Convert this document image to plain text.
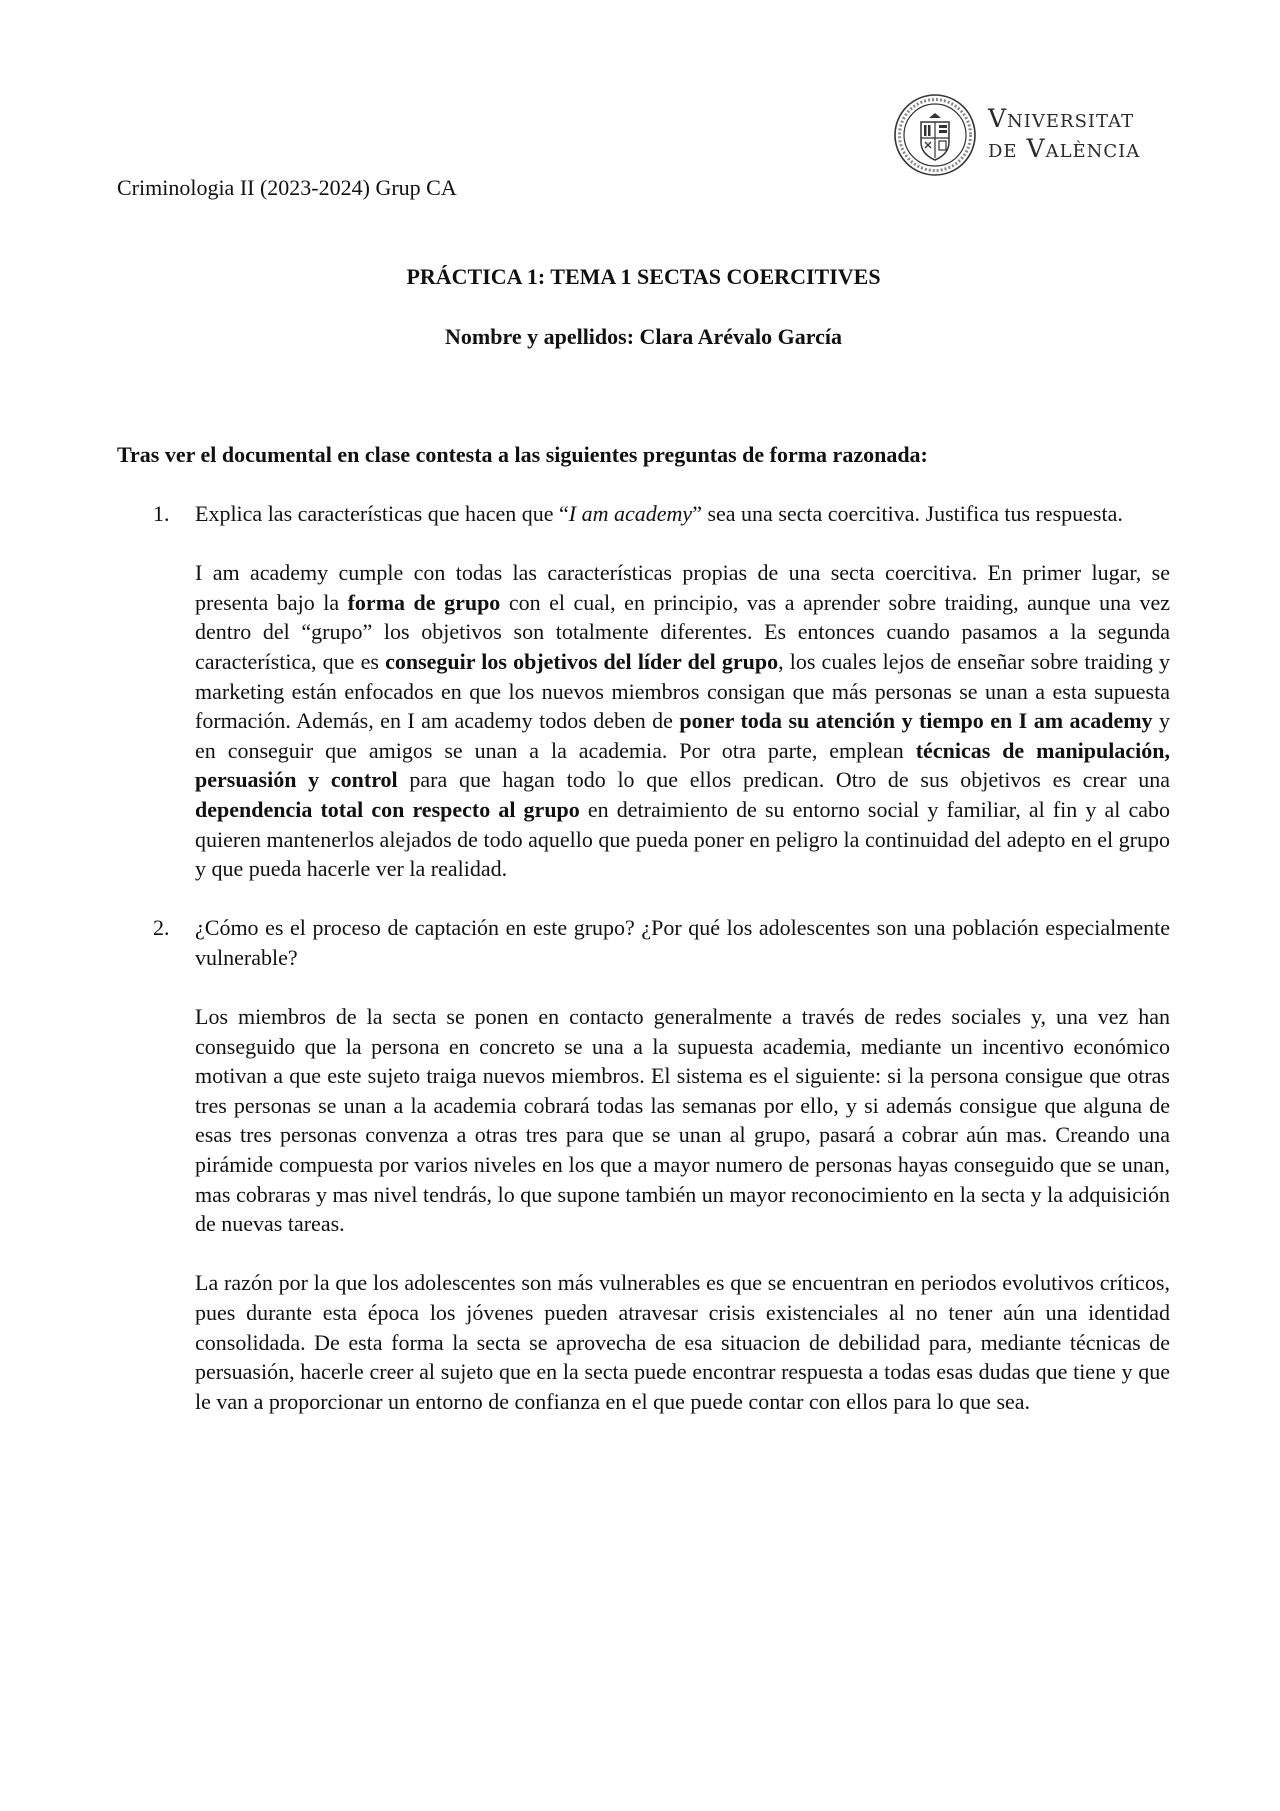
Vniversitat
de València
Criminologia II (2023-2024) Grup CA
PRÁCTICA 1: TEMA 1 SECTAS COERCITIVES
Nombre y apellidos: Clara Arévalo García
Tras ver el documental en clase contesta a las siguientes preguntas de forma razonada:
1. Explica las características que hacen que “I am academy” sea una secta coercitiva. Justifica tus respuesta.

I am academy cumple con todas las características propias de una secta coercitiva. En primer lugar, se presenta bajo la forma de grupo con el cual, en principio, vas a aprender sobre traiding, aunque una vez dentro del “grupo” los objetivos son totalmente diferentes. Es entonces cuando pasamos a la segunda característica, que es conseguir los objetivos del líder del grupo, los cuales lejos de enseñar sobre traiding y marketing están enfocados en que los nuevos miembros consigan que más personas se unan a esta supuesta formación. Además, en I am academy todos deben de poner toda su atención y tiempo en I am academy y en conseguir que amigos se unan a la academia. Por otra parte, emplean técnicas de manipulación, persuasión y control para que hagan todo lo que ellos predican. Otro de sus objetivos es crear una dependencia total con respecto al grupo en detraimiento de su entorno social y familiar, al fin y al cabo quieren mantenerlos alejados de todo aquello que pueda poner en peligro la continuidad del adepto en el grupo y que pueda hacerle ver la realidad.

2. ¿Cómo es el proceso de captación en este grupo? ¿Por qué los adolescentes son una población especialmente vulnerable?

Los miembros de la secta se ponen en contacto generalmente a través de redes sociales y, una vez han conseguido que la persona en concreto se una a la supuesta academia, mediante un incentivo económico motivan a que este sujeto traiga nuevos miembros. El sistema es el siguiente: si la persona consigue que otras tres personas se unan a la academia cobrará todas las semanas por ello, y si además consigue que alguna de esas tres personas convenza a otras tres para que se unan al grupo, pasará a cobrar aún mas. Creando una pirámide compuesta por varios niveles en los que a mayor numero de personas hayas conseguido que se unan, mas cobraras y mas nivel tendrás, lo que supone también un mayor reconocimiento en la secta y la adquisición de nuevas tareas.

La razón por la que los adolescentes son más vulnerables es que se encuentran en periodos evolutivos críticos, pues durante esta época los jóvenes pueden atravesar crisis existenciales al no tener aún una identidad consolidada. De esta forma la secta se aprovecha de esa situacion de debilidad para, mediante técnicas de persuasión, hacerle creer al sujeto que en la secta puede encontrar respuesta a todas esas dudas que tiene y que le van a proporcionar un entorno de confianza en el que puede contar con ellos para lo que sea.
